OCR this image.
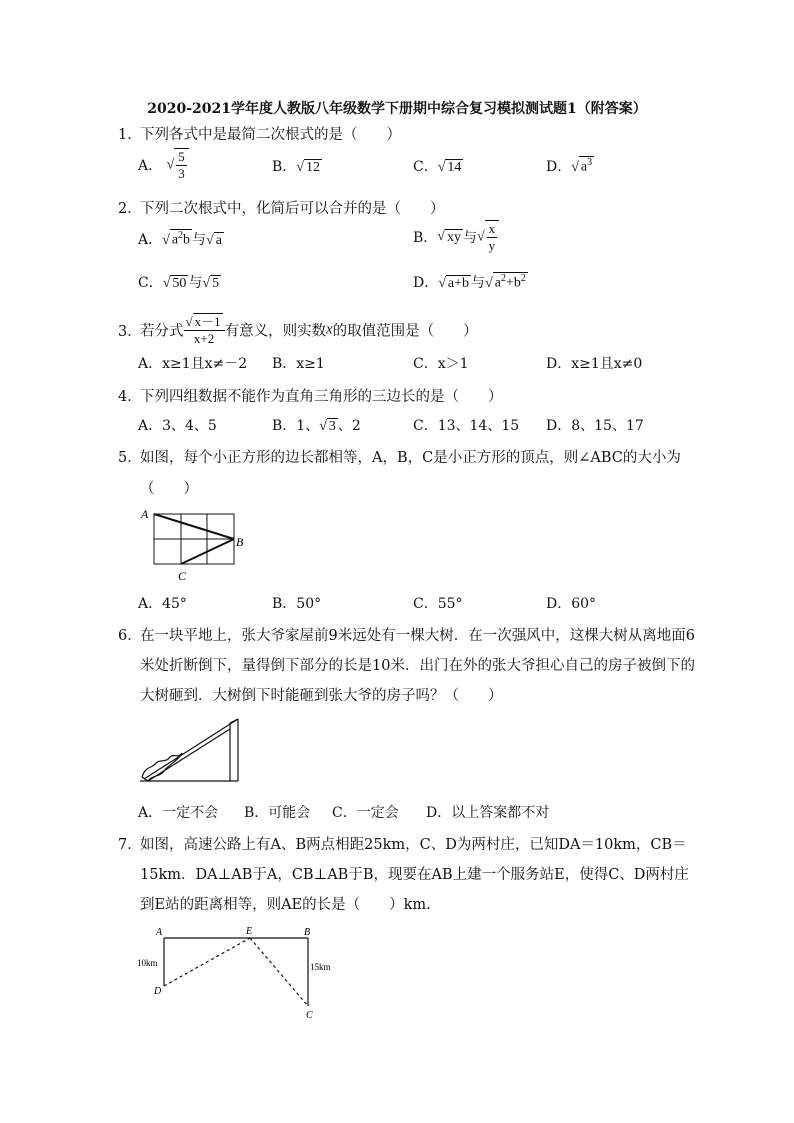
2020-2021学年度人教版八年级数学下册期中综合复习模拟测试题1（附答案）
1．下列各式中是最简二次根式的是（　　）
A． √ $\frac{5}{3}$	B．√ 12	C．√ 14	D．√ $a^3$
2．下列二次根式中，化简后可以合并的是（　　）
A．√ $a^2b$ 与√ a	B．√ xy 与√ $\frac{x}{y}$
C．√ 50 与√ 5	D．√ a+b 与√ $a^2+b^2$
3．若分式 $\frac{√ x-1}{x+2}$ 有意义，则实数x的取值范围是（　　）
A．x≥1且x≠－2 B．x≥1	C．x＞1	D．x≥1且x≠0
4．下列四组数据不能作为直角三角形的三边长的是（　　）
A．3、4、5	B．1、√ 3 、2	C．13、14、15 D．8、15、17
5．如图，每个小正方形的边长都相等，A，B，C是小正方形的顶点，则∠ABC的大小为
（　　）
A
B
C
A．45°	B．50°	C．55°	D．60°
6．在一块平地上，张大爷家屋前9米远处有一棵大树．在一次强风中，这棵大树从离地面6
米处折断倒下，量得倒下部分的长是10米．出门在外的张大爷担心自己的房子被倒下的
大树砸到．大树倒下时能砸到张大爷的房子吗？（　　）
A．一定不会 B．可能会 C．一定会 D．以上答案都不对
7．如图，高速公路上有A、B两点相距25km，C、D为两村庄，已知DA＝10km，CB＝
15km．DA⊥AB于A，CB⊥AB于B，现要在AB上建一个服务站E，使得C、D两村庄
到E站的距离相等，则AE的长是（　　）km.
A	B
E
D
C
10km	15km
